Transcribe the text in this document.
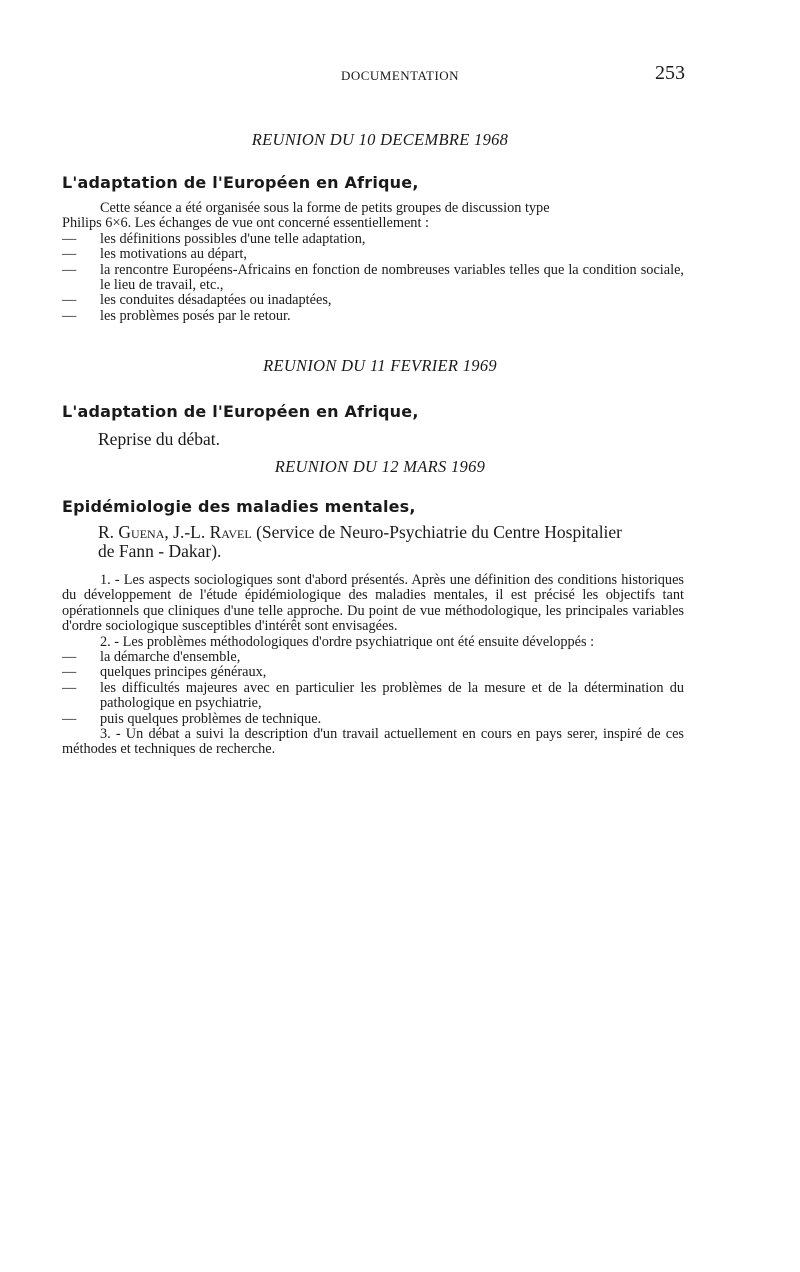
DOCUMENTATION	253
REUNION DU 10 DECEMBRE 1968
L'adaptation de l'Européen en Afrique,

Cette séance a été organisée sous la forme de petits groupes de discussion type

Philips 6×6. Les échanges de vue ont concerné essentiellement :

— les définitions possibles d'une telle adaptation,

— les motivations au départ,

— la rencontre Européens-Africains en fonction de nombreuses variables telles que la condition sociale, le lieu de travail, etc.,

— les conduites désadaptées ou inadaptées,

— les problèmes posés par le retour.

REUNION DU 11 FEVRIER 1969
L'adaptation de l'Européen en Afrique,
Reprise du débat.
REUNION DU 12 MARS 1969
Epidémiologie des maladies mentales,
R. Guena, J.-L. Ravel (Service de Neuro-Psychiatrie du Centre Hospitalier
de Fann - Dakar).

1. - Les aspects sociologiques sont d'abord présentés. Après une définition des conditions historiques du développement de l'étude épidémiologique des maladies mentales, il est précisé les objectifs tant opérationnels que cliniques d'une telle approche. Du point de vue méthodologique, les principales variables d'ordre sociologique susceptibles d'intérêt sont envisagées.

2. - Les problèmes méthodologiques d'ordre psychiatrique ont été ensuite développés :

— la démarche d'ensemble,

— quelques principes généraux,

— les difficultés majeures avec en particulier les problèmes de la mesure et de la détermination du pathologique en psychiatrie,

— puis quelques problèmes de technique.

3. - Un débat a suivi la description d'un travail actuellement en cours en pays serer, inspiré de ces méthodes et techniques de recherche.
